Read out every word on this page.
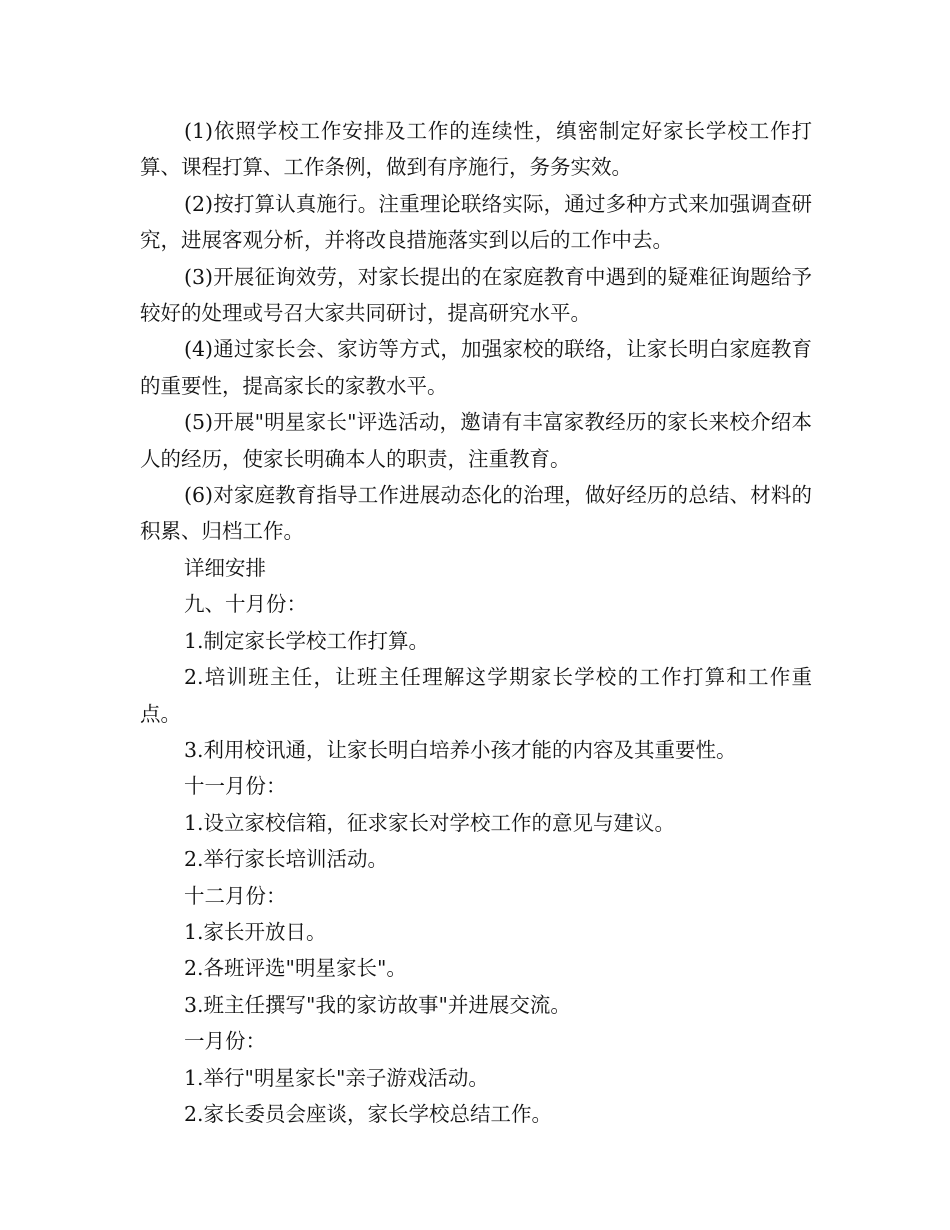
(1)依照学校工作安排及工作的连续性，缜密制定好家长学校工作打算、课程打算、工作条例，做到有序施行，务务实效。

(2)按打算认真施行。注重理论联络实际，通过多种方式来加强调查研究，进展客观分析，并将改良措施落实到以后的工作中去。

(3)开展征询效劳，对家长提出的在家庭教育中遇到的疑难征询题给予较好的处理或号召大家共同研讨，提高研究水平。

(4)通过家长会、家访等方式，加强家校的联络，让家长明白家庭教育的重要性，提高家长的家教水平。

(5)开展"明星家长"评选活动，邀请有丰富家教经历的家长来校介绍本人的经历，使家长明确本人的职责，注重教育。

(6)对家庭教育指导工作进展动态化的治理，做好经历的总结、材料的积累、归档工作。

详细安排

九、十月份：

1.制定家长学校工作打算。

2.培训班主任，让班主任理解这学期家长学校的工作打算和工作重点。

3.利用校讯通，让家长明白培养小孩才能的内容及其重要性。

十一月份：

1.设立家校信箱，征求家长对学校工作的意见与建议。

2.举行家长培训活动。

十二月份：

1.家长开放日。

2.各班评选"明星家长"。

3.班主任撰写"我的家访故事"并进展交流。

一月份：

1.举行"明星家长"亲子游戏活动。

2.家长委员会座谈，家长学校总结工作。
